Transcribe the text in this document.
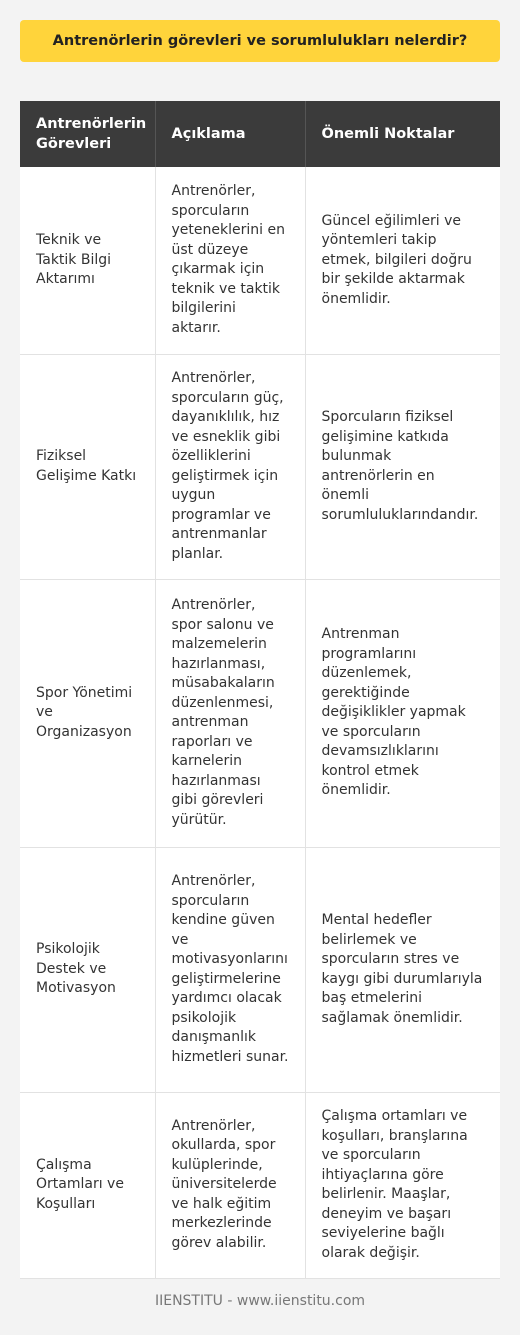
Antrenörlerin görevleri ve sorumlulukları nelerdir?
Antrenörlerin Görevleri	Açıklama	Önemli Noktalar
Teknik ve Taktik Bilgi Aktarımı	Antrenörler, sporcuların yeteneklerini en üst düzeye çıkarmak için teknik ve taktik bilgilerini aktarır.	Güncel eğilimleri ve yöntemleri takip etmek, bilgileri doğru bir şekilde aktarmak önemlidir.
Fiziksel Gelişime Katkı	Antrenörler, sporcuların güç, dayanıklılık, hız ve esneklik gibi özelliklerini geliştirmek için uygun programlar ve antrenmanlar planlar.	Sporcuların fiziksel gelişimine katkıda bulunmak antrenörlerin en önemli sorumluluklarındandır.
Spor Yönetimi ve Organizasyon	Antrenörler, spor salonu ve malzemelerin hazırlanması, müsabakaların düzenlenmesi, antrenman raporları ve karnelerin hazırlanması gibi görevleri yürütür.	Antrenman programlarını düzenlemek, gerektiğinde değişiklikler yapmak ve sporcuların devamsızlıklarını kontrol etmek önemlidir.
Psikolojik Destek ve Motivasyon	Antrenörler, sporcuların kendine güven ve motivasyonlarını geliştirmelerine yardımcı olacak psikolojik danışmanlık hizmetleri sunar.	Mental hedefler belirlemek ve sporcuların stres ve kaygı gibi durumlarıyla baş etmelerini sağlamak önemlidir.
Çalışma Ortamları ve Koşulları	Antrenörler, okullarda, spor kulüplerinde, üniversitelerde ve halk eğitim merkezlerinde görev alabilir.	Çalışma ortamları ve koşulları, branşlarına ve sporcuların ihtiyaçlarına göre belirlenir. Maaşlar, deneyim ve başarı seviyelerine bağlı olarak değişir.
IIENSTITU - www.iienstitu.com
